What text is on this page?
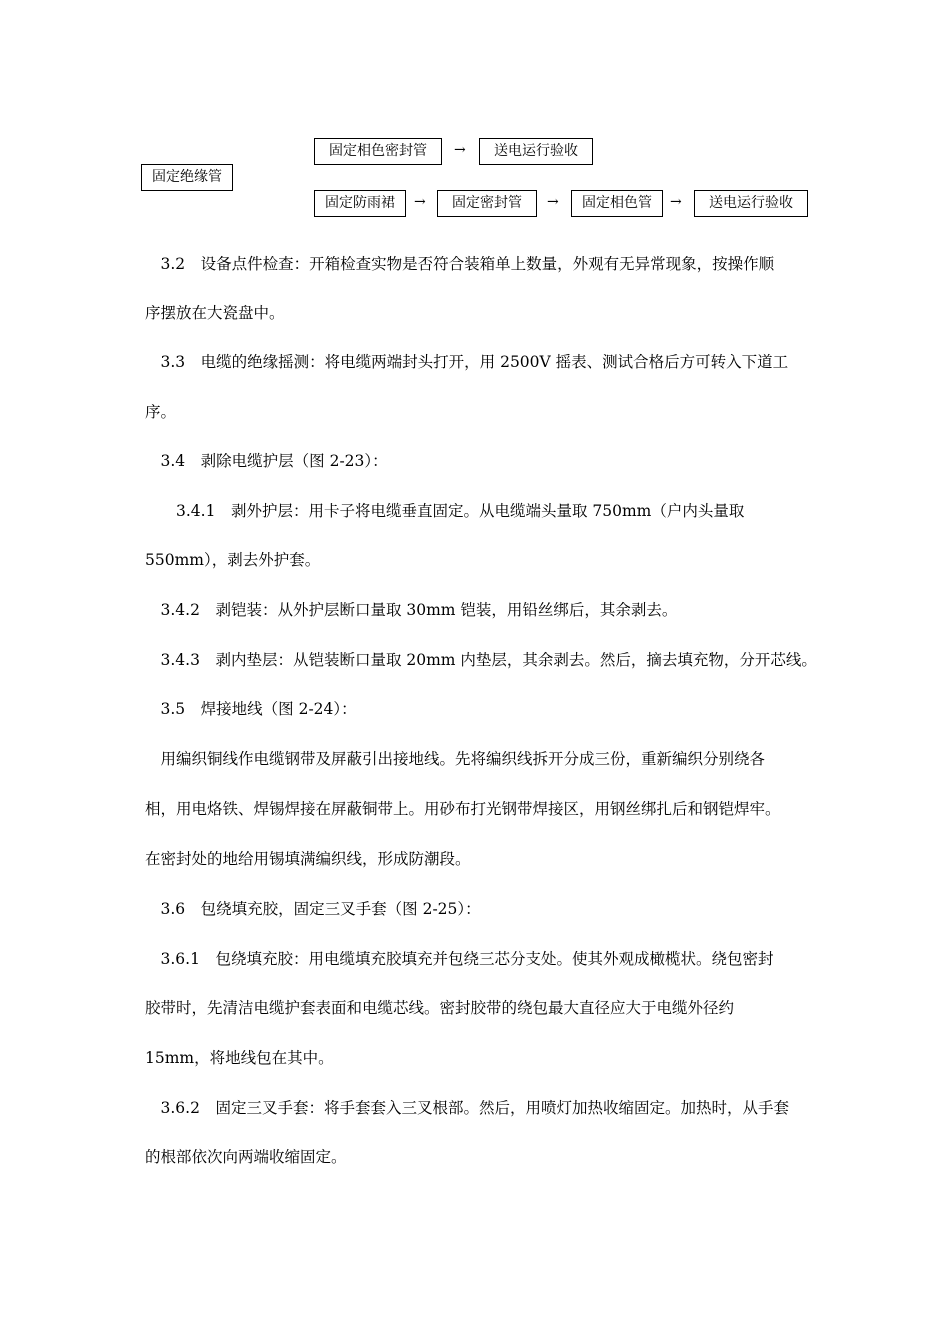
固定绝缘管
固定相色密封管	→	送电运行验收
固定防雨裙	→	固定密封管	→	固定相色管	→	送电运行验收
　3.2　设备点件检查：开箱检查实物是否符合装箱单上数量，外观有无异常现象，按操作顺
序摆放在大瓷盘中。
　3.3　电缆的绝缘摇测：将电缆两端封头打开，用 2500V 摇表、测试合格后方可转入下道工
序。
　3.4　剥除电缆护层（图 2-23）：
　　3.4.1　剥外护层：用卡子将电缆垂直固定。从电缆端头量取 750mm（户内头量取
550mm），剥去外护套。
　3.4.2　剥铠装：从外护层断口量取 30mm 铠装，用铅丝绑后，其余剥去。
　3.4.3　剥内垫层：从铠装断口量取 20mm 内垫层，其余剥去。然后，摘去填充物，分开芯线。
　3.5　焊接地线（图 2-24）：
　用编织铜线作电缆钢带及屏蔽引出接地线。先将编织线拆开分成三份，重新编织分别绕各
相，用电烙铁、焊锡焊接在屏蔽铜带上。用砂布打光钢带焊接区，用钢丝绑扎后和钢铠焊牢。
在密封处的地给用锡填满编织线，形成防潮段。
　3.6　包绕填充胶，固定三叉手套（图 2-25）：
　3.6.1　包绕填充胶：用电缆填充胶填充并包绕三芯分支处。使其外观成橄榄状。绕包密封
胶带时，先清洁电缆护套表面和电缆芯线。密封胶带的绕包最大直径应大于电缆外径约
15mm，将地线包在其中。
　3.6.2　固定三叉手套：将手套套入三叉根部。然后，用喷灯加热收缩固定。加热时，从手套
的根部依次向两端收缩固定。
